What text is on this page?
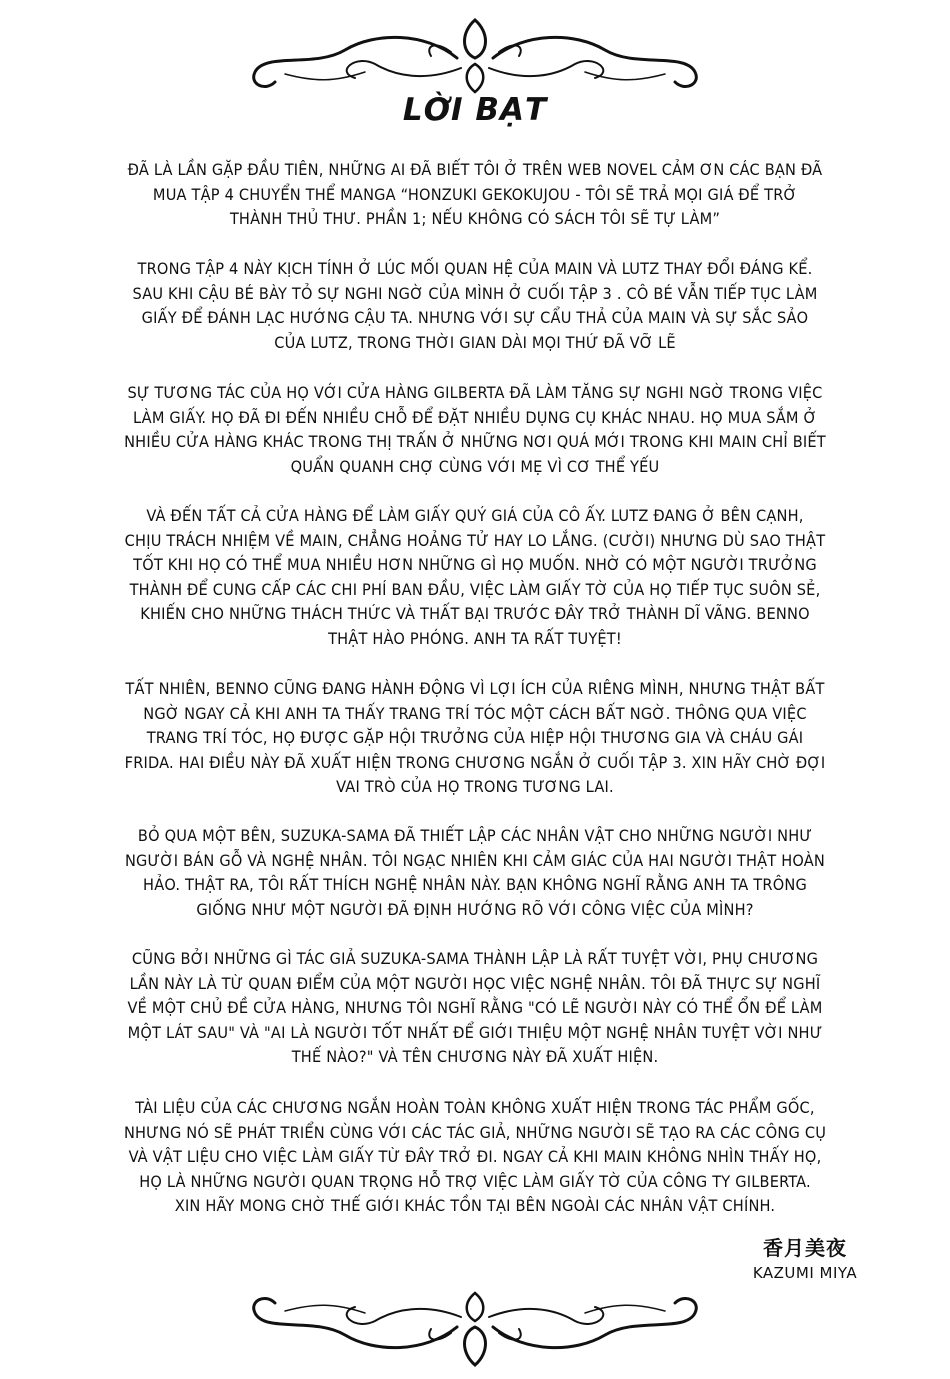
LỜI BẠT

ĐÃ LÀ LẦN GẶP ĐẦU TIÊN, NHỮNG AI ĐÃ BIẾT TÔI Ở TRÊN WEB NOVEL CẢM ƠN CÁC BẠN ĐÃ
MUA TẬP 4 CHUYỂN THỂ MANGA “HONZUKI GEKOKUJOU - TÔI SẼ TRẢ MỌI GIÁ ĐỂ TRỞ
THÀNH THỦ THƯ. PHẦN 1; NẾU KHÔNG CÓ SÁCH TÔI SẼ TỰ LÀM”

TRONG TẬP 4 NÀY KỊCH TÍNH Ở LÚC MỐI QUAN HỆ CỦA MAIN VÀ LUTZ THAY ĐỔI ĐÁNG KỂ.
SAU KHI CẬU BÉ BÀY TỎ SỰ NGHI NGỜ CỦA MÌNH Ở CUỐI TẬP 3 . CÔ BÉ VẪN TIẾP TỤC LÀM
GIẤY ĐỂ ĐÁNH LẠC HƯỚNG CẬU TA. NHƯNG VỚI SỰ CẨU THẢ CỦA MAIN VÀ SỰ SẮC SẢO
CỦA LUTZ, TRONG THỜI GIAN DÀI MỌI THỨ ĐÃ VỠ LẼ

SỰ TƯƠNG TÁC CỦA HỌ VỚI CỬA HÀNG GILBERTA ĐÃ LÀM TĂNG SỰ NGHI NGỜ TRONG VIỆC
LÀM GIẤY. HỌ ĐÃ ĐI ĐẾN NHIỀU CHỖ ĐỂ ĐẶT NHIỀU DỤNG CỤ KHÁC NHAU. HỌ MUA SẮM Ở
NHIỀU CỬA HÀNG KHÁC TRONG THỊ TRẤN Ở NHỮNG NƠI QUÁ MỚI TRONG KHI MAIN CHỈ BIẾT
QUẨN QUANH CHỢ CÙNG VỚI MẸ VÌ CƠ THỂ YẾU

VÀ ĐẾN TẤT CẢ CỬA HÀNG ĐỂ LÀM GIẤY QUÝ GIÁ CỦA CÔ ẤY. LUTZ ĐANG Ở BÊN CẠNH,
CHỊU TRÁCH NHIỆM VỀ MAIN, CHẲNG HOẢNG TỬ HAY LO LẮNG. (CƯỜI) NHƯNG DÙ SAO THẬT
TỐT KHI HỌ CÓ THỂ MUA NHIỀU HƠN NHỮNG GÌ HỌ MUỐN. NHỜ CÓ MỘT NGƯỜI TRƯỞNG
THÀNH ĐỂ CUNG CẤP CÁC CHI PHÍ BAN ĐẦU, VIỆC LÀM GIẤY TỜ CỦA HỌ TIẾP TỤC SUÔN SẺ,
KHIẾN CHO NHỮNG THÁCH THỨC VÀ THẤT BẠI TRƯỚC ĐÂY TRỞ THÀNH DĨ VÃNG. BENNO
THẬT HÀO PHÓNG. ANH TA RẤT TUYỆT!

TẤT NHIÊN, BENNO CŨNG ĐANG HÀNH ĐỘNG VÌ LỢI ÍCH CỦA RIÊNG MÌNH, NHƯNG THẬT BẤT
NGỜ NGAY CẢ KHI ANH TA THẤY TRANG TRÍ TÓC MỘT CÁCH BẤT NGỜ. THÔNG QUA VIỆC
TRANG TRÍ TÓC, HỌ ĐƯỢC GẶP HỘI TRƯỞNG CỦA HIỆP HỘI THƯƠNG GIA VÀ CHÁU GÁI
FRIDA. HAI ĐIỀU NÀY ĐÃ XUẤT HIỆN TRONG CHƯƠNG NGẮN Ở CUỐI TẬP 3. XIN HÃY CHỜ ĐỢI
VAI TRÒ CỦA HỌ TRONG TƯƠNG LAI.

BỎ QUA MỘT BÊN, SUZUKA-SAMA ĐÃ THIẾT LẬP CÁC NHÂN VẬT CHO NHỮNG NGƯỜI NHƯ
NGƯỜI BÁN GỖ VÀ NGHỆ NHÂN. TÔI NGẠC NHIÊN KHI CẢM GIÁC CỦA HAI NGƯỜI THẬT HOÀN
HẢO. THẬT RA, TÔI RẤT THÍCH NGHỆ NHÂN NÀY. BẠN KHÔNG NGHĨ RẰNG ANH TA TRÔNG
GIỐNG NHƯ MỘT NGƯỜI ĐÃ ĐỊNH HƯỚNG RÕ VỚI CÔNG VIỆC CỦA MÌNH?

CŨNG BỞI NHỮNG GÌ TÁC GIẢ SUZUKA-SAMA THÀNH LẬP LÀ RẤT TUYỆT VỜI, PHỤ CHƯƠNG
LẦN NÀY LÀ TỪ QUAN ĐIỂM CỦA MỘT NGƯỜI HỌC VIỆC NGHỆ NHÂN. TÔI ĐÃ THỰC SỰ NGHĨ
VỀ MỘT CHỦ ĐỀ CỬA HÀNG, NHƯNG TÔI NGHĨ RẰNG "CÓ LẼ NGƯỜI NÀY CÓ THỂ ỔN ĐỂ LÀM
MỘT LÁT SAU" VÀ "AI LÀ NGƯỜI TỐT NHẤT ĐỂ GIỚI THIỆU MỘT NGHỆ NHÂN TUYỆT VỜI NHƯ
THẾ NÀO?" VÀ TÊN CHƯƠNG NÀY ĐÃ XUẤT HIỆN.

TÀI LIỆU CỦA CÁC CHƯƠNG NGẮN HOÀN TOÀN KHÔNG XUẤT HIỆN TRONG TÁC PHẨM GỐC,
NHƯNG NÓ SẼ PHÁT TRIỂN CÙNG VỚI CÁC TÁC GIẢ, NHỮNG NGƯỜI SẼ TẠO RA CÁC CÔNG CỤ
VÀ VẬT LIỆU CHO VIỆC LÀM GIẤY TỪ ĐÂY TRỞ ĐI. NGAY CẢ KHI MAIN KHÔNG NHÌN THẤY HỌ,
HỌ LÀ NHỮNG NGƯỜI QUAN TRỌNG HỖ TRỢ VIỆC LÀM GIẤY TỜ CỦA CÔNG TY GILBERTA.
XIN HÃY MONG CHỜ THẾ GIỚI KHÁC TỒN TẠI BÊN NGOÀI CÁC NHÂN VẬT CHÍNH.

香月美夜
KAZUMI MIYA
